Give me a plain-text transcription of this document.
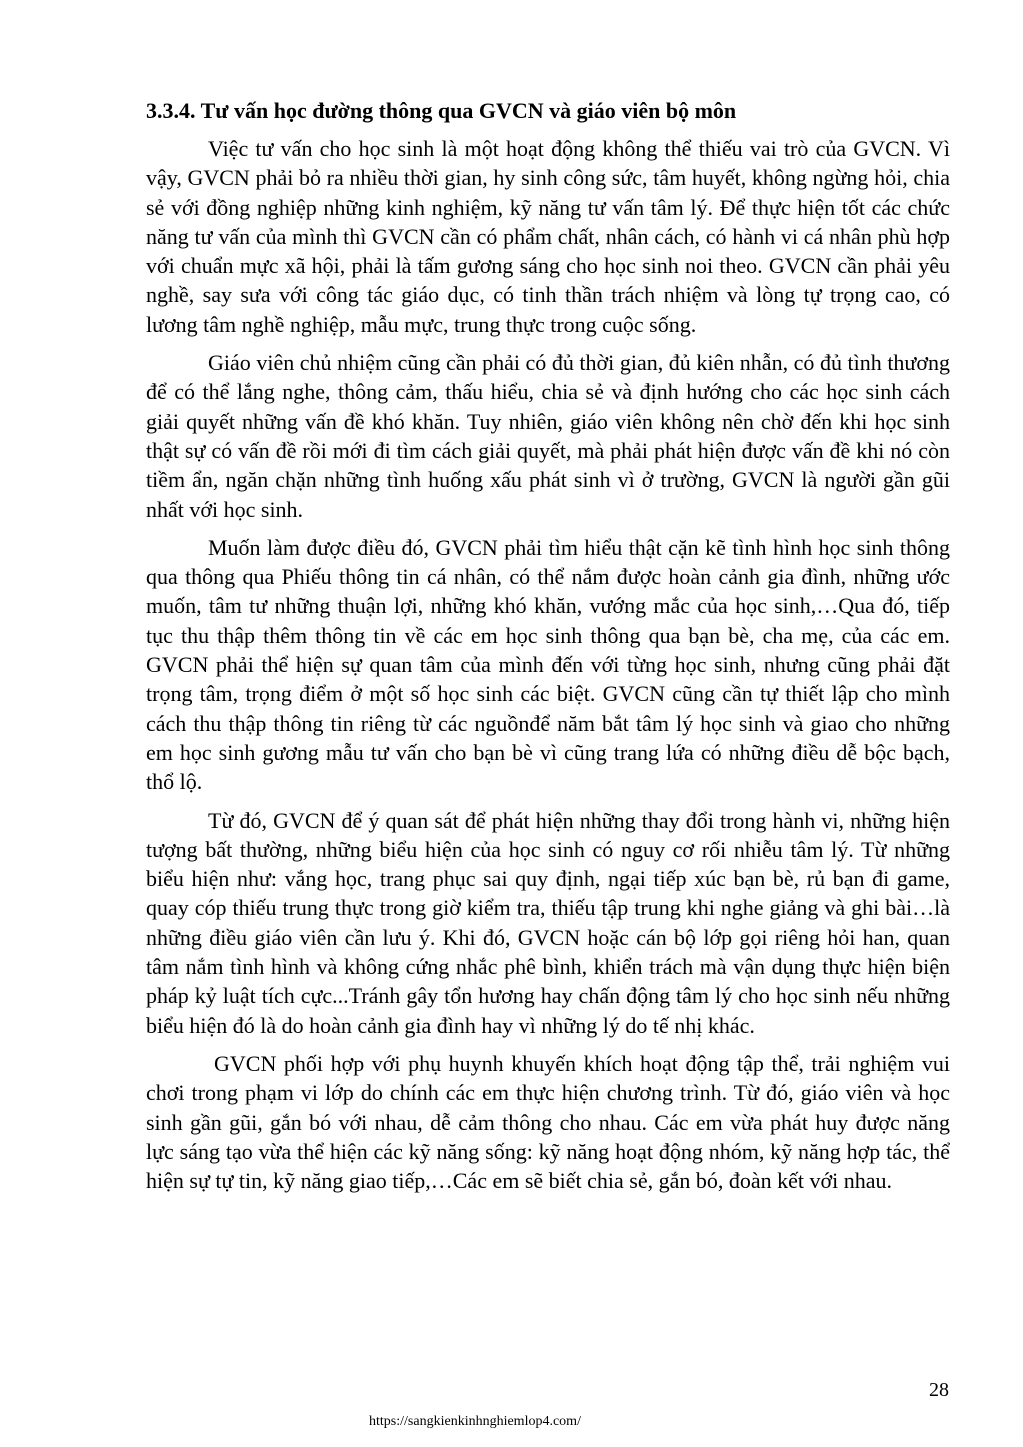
3.3.4. Tư vấn học đường thông qua GVCN và giáo viên bộ môn

Việc tư vấn cho học sinh là một hoạt động không thể thiếu vai trò của GVCN. Vì vậy, GVCN phải bỏ ra nhiều thời gian, hy sinh công sức, tâm huyết, không ngừng hỏi, chia sẻ với đồng nghiệp những kinh nghiệm, kỹ năng tư vấn tâm lý. Để thực hiện tốt các chức năng tư vấn của mình thì GVCN cần có phẩm chất, nhân cách, có hành vi cá nhân phù hợp với chuẩn mực xã hội, phải là tấm gương sáng cho học sinh noi theo. GVCN cần phải yêu nghề, say sưa với công tác giáo dục, có tinh thần trách nhiệm và lòng tự trọng cao, có lương tâm nghề nghiệp, mẫu mực, trung thực trong cuộc sống.

Giáo viên chủ nhiệm cũng cần phải có đủ thời gian, đủ kiên nhẫn, có đủ tình thương để có thể lắng nghe, thông cảm, thấu hiểu, chia sẻ và định hướng cho các học sinh cách giải quyết những vấn đề khó khăn. Tuy nhiên, giáo viên không nên chờ đến khi học sinh thật sự có vấn đề rồi mới đi tìm cách giải quyết, mà phải phát hiện được vấn đề khi nó còn tiềm ẩn, ngăn chặn những tình huống xấu phát sinh vì ở trường, GVCN là người gần gũi nhất với học sinh.

Muốn làm được điều đó, GVCN phải tìm hiểu thật cặn kẽ tình hình học sinh thông qua thông qua Phiếu thông tin cá nhân, có thể nắm được hoàn cảnh gia đình, những ước muốn, tâm tư những thuận lợi, những khó khăn, vướng mắc của học sinh,…Qua đó, tiếp tục thu thập thêm thông tin về các em học sinh thông qua bạn bè, cha mẹ, của các em. GVCN phải thể hiện sự quan tâm của mình đến với từng học sinh, nhưng cũng phải đặt trọng tâm, trọng điểm ở một số học sinh các biệt. GVCN cũng cần tự thiết lập cho mình cách thu thập thông tin riêng từ các nguồnđể năm bắt tâm lý học sinh và giao cho những em học sinh gương mẫu tư vấn cho bạn bè vì cũng trang lứa có những điều dễ bộc bạch, thổ lộ.

Từ đó, GVCN để ý quan sát để phát hiện những thay đổi trong hành vi, những hiện tượng bất thường, những biểu hiện của học sinh có nguy cơ rối nhiễu tâm lý. Từ những biểu hiện như: vắng học, trang phục sai quy định, ngại tiếp xúc bạn bè, rủ bạn đi game, quay cóp thiếu trung thực trong giờ kiểm tra, thiếu tập trung khi nghe giảng và ghi bài…là những điều giáo viên cần lưu ý. Khi đó, GVCN hoặc cán bộ lớp gọi riêng hỏi han, quan tâm nắm tình hình và không cứng nhắc phê bình, khiển trách mà vận dụng thực hiện biện pháp kỷ luật tích cực...Tránh gây tổn hương hay chấn động tâm lý cho học sinh nếu những biểu hiện đó là do hoàn cảnh gia đình hay vì những lý do tế nhị khác.

GVCN phối hợp với phụ huynh khuyến khích hoạt động tập thể, trải nghiệm vui chơi trong phạm vi lớp do chính các em thực hiện chương trình. Từ đó, giáo viên và học sinh gần gũi, gắn bó với nhau, dễ cảm thông cho nhau. Các em vừa phát huy được năng lực sáng tạo vừa thể hiện các kỹ năng sống: kỹ năng hoạt động nhóm, kỹ năng hợp tác, thể hiện sự tự tin, kỹ năng giao tiếp,…Các em sẽ biết chia sẻ, gắn bó, đoàn kết với nhau.

28
https://sangkienkinhnghiemlop4.com/
